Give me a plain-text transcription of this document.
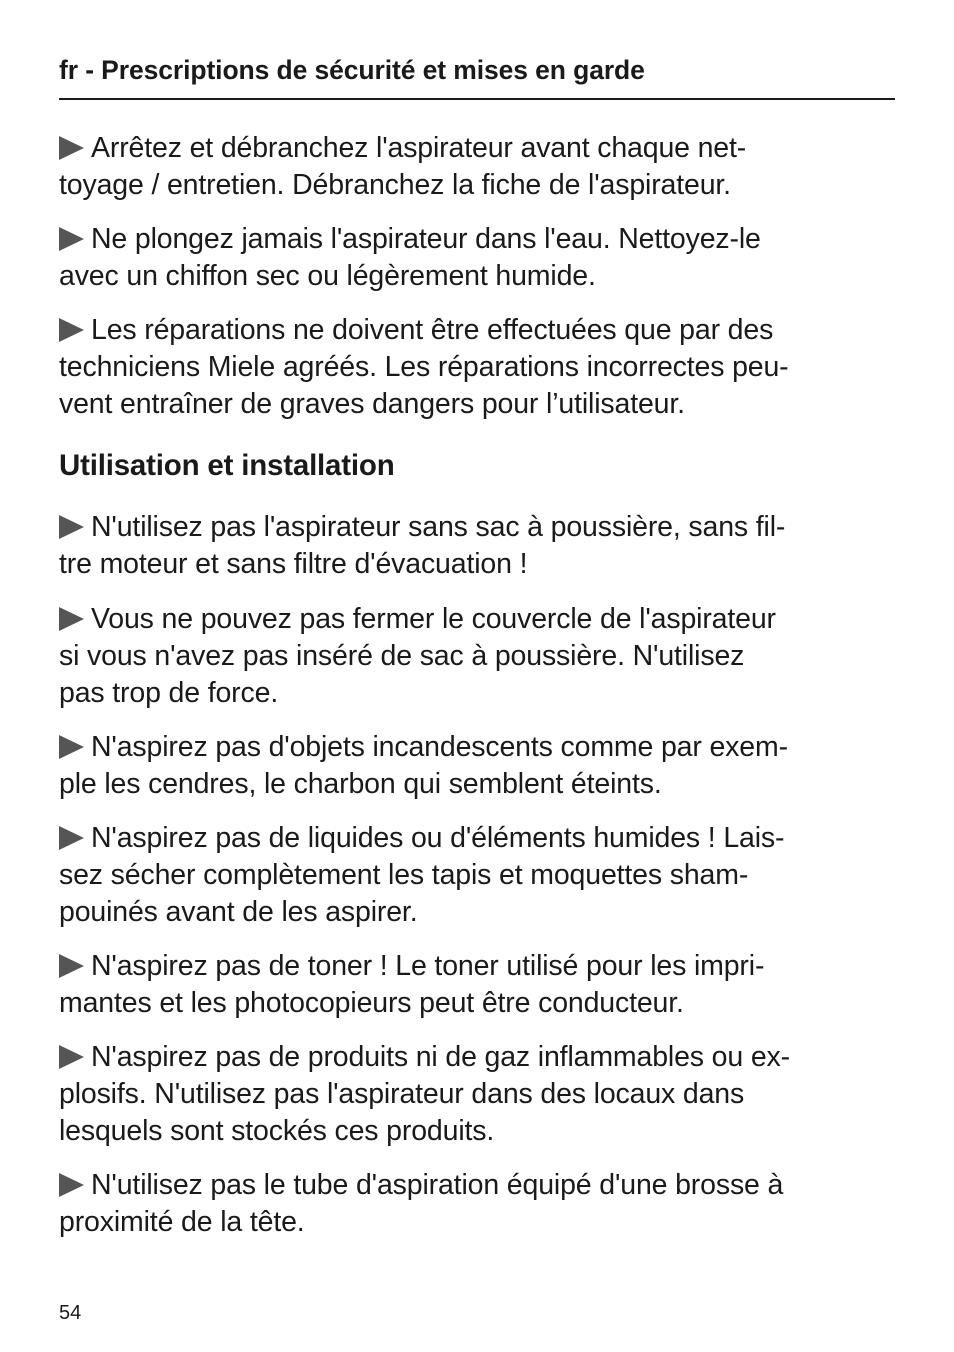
fr - Prescriptions de sécurité et mises en garde
Arrêtez et débranchez l'aspirateur avant chaque net-
toyage / entretien. Débranchez la fiche de l'aspirateur.
Ne plongez jamais l'aspirateur dans l'eau. Nettoyez-le
avec un chiffon sec ou légèrement humide.
Les réparations ne doivent être effectuées que par des
techniciens Miele agréés. Les réparations incorrectes peu-
vent entraîner de graves dangers pour l’utilisateur.
Utilisation et installation
N'utilisez pas l'aspirateur sans sac à poussière, sans fil-
tre moteur et sans filtre d'évacuation !
Vous ne pouvez pas fermer le couvercle de l'aspirateur
si vous n'avez pas inséré de sac à poussière. N'utilisez
pas trop de force.
N'aspirez pas d'objets incandescents comme par exem-
ple les cendres, le charbon qui semblent éteints.
N'aspirez pas de liquides ou d'éléments humides ! Lais-
sez sécher complètement les tapis et moquettes sham-
pouinés avant de les aspirer.
N'aspirez pas de toner ! Le toner utilisé pour les impri-
mantes et les photocopieurs peut être conducteur.
N'aspirez pas de produits ni de gaz inflammables ou ex-
plosifs. N'utilisez pas l'aspirateur dans des locaux dans
lesquels sont stockés ces produits.
N'utilisez pas le tube d'aspiration équipé d'une brosse à
proximité de la tête.
54
